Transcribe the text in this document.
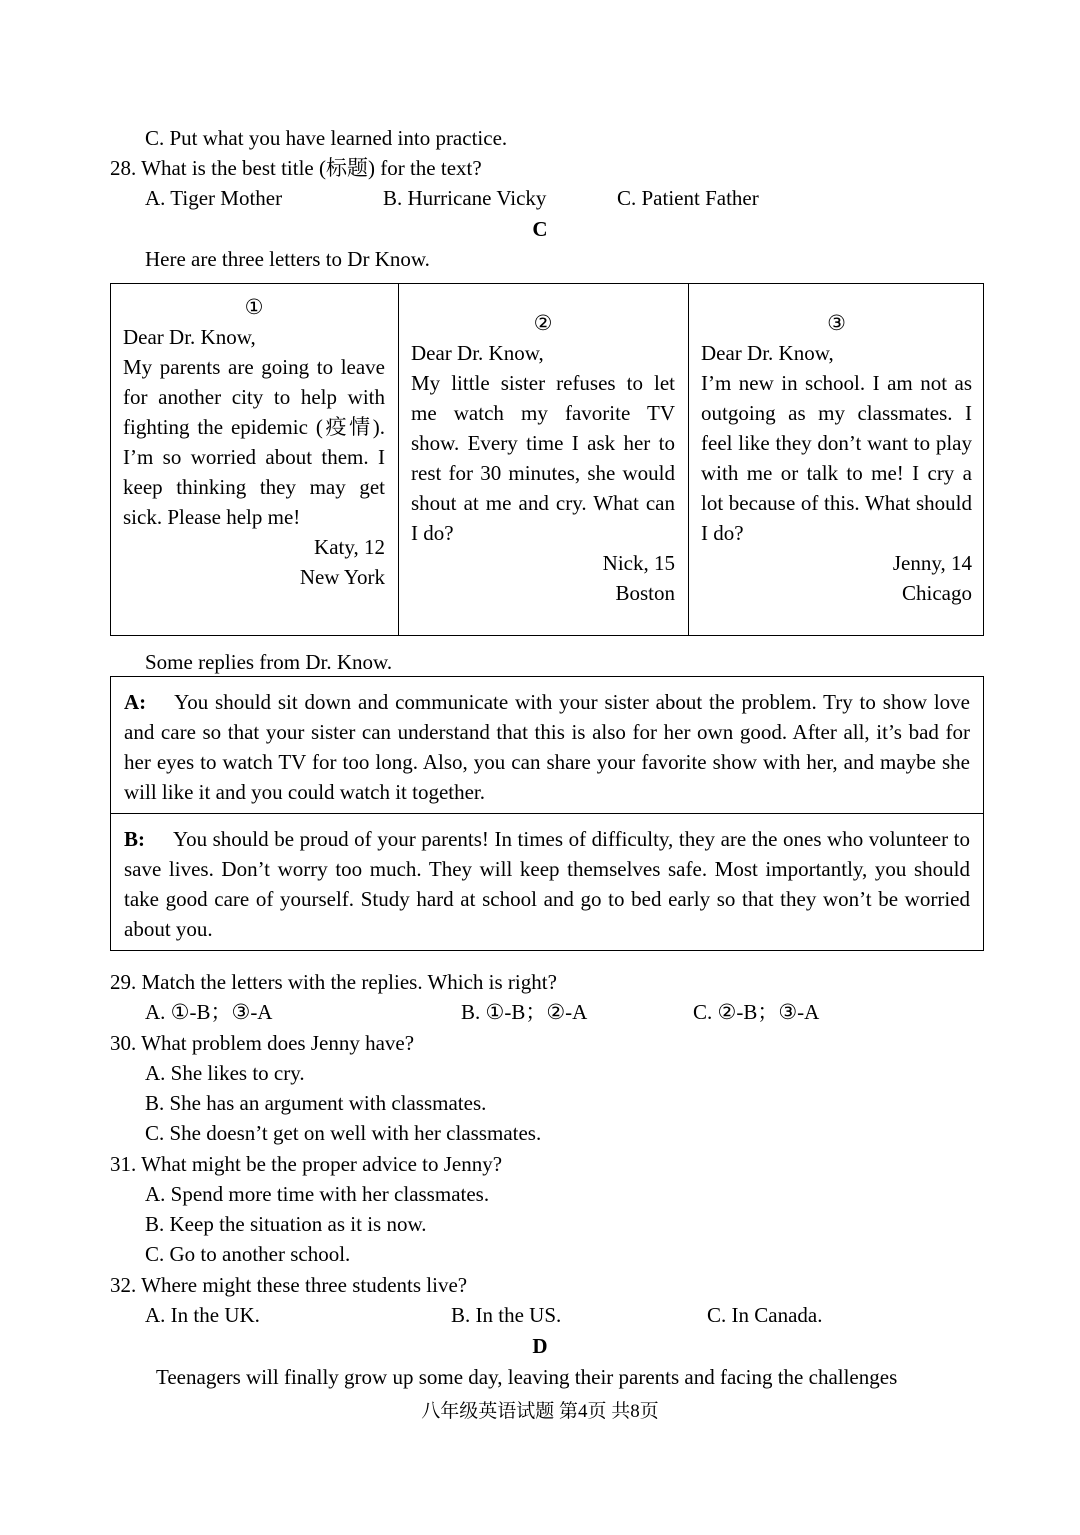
C. Put what you have learned into practice.
28. What is the best title (标题) for the text?
A. Tiger Mother	B. Hurricane Vicky	C. Patient Father
C
Here are three letters to Dr Know.
①
Dear Dr. Know,
My parents are going to leave for another city to help with fighting the epidemic (疫情). I’m so worried about them. I keep thinking they may get sick. Please help me!
Katy, 12
New York
②
Dear Dr. Know,
My little sister refuses to let me watch my favorite TV show. Every time I ask her to rest for 30 minutes, she would shout at me and cry. What can I do?
Nick, 15
Boston
③
Dear Dr. Know,
I’m new in school. I am not as outgoing as my classmates. I feel like they don’t want to play with me or talk to me! I cry a lot because of this. What should I do?
Jenny, 14
Chicago
Some replies from Dr. Know.
A: You should sit down and communicate with your sister about the problem. Try to show love and care so that your sister can understand that this is also for her own good. After all, it’s bad for her eyes to watch TV for too long. Also, you can share your favorite show with her, and maybe she will like it and you could watch it together.
B: You should be proud of your parents! In times of difficulty, they are the ones who volunteer to save lives. Don’t worry too much. They will keep themselves safe. Most importantly, you should take good care of yourself. Study hard at school and go to bed early so that they won’t be worried about you.
29. Match the letters with the replies. Which is right?
A. ①-B；③-A	B. ①-B；②-A	C. ②-B；③-A
30. What problem does Jenny have?
A. She likes to cry.
B. She has an argument with classmates.
C. She doesn’t get on well with her classmates.
31. What might be the proper advice to Jenny?
A. Spend more time with her classmates.
B. Keep the situation as it is now.
C. Go to another school.
32. Where might these three students live?
A. In the UK.	B. In the US.	C. In Canada.
D
Teenagers will finally grow up some day, leaving their parents and facing the challenges
八年级英语试题 第4页 共8页
